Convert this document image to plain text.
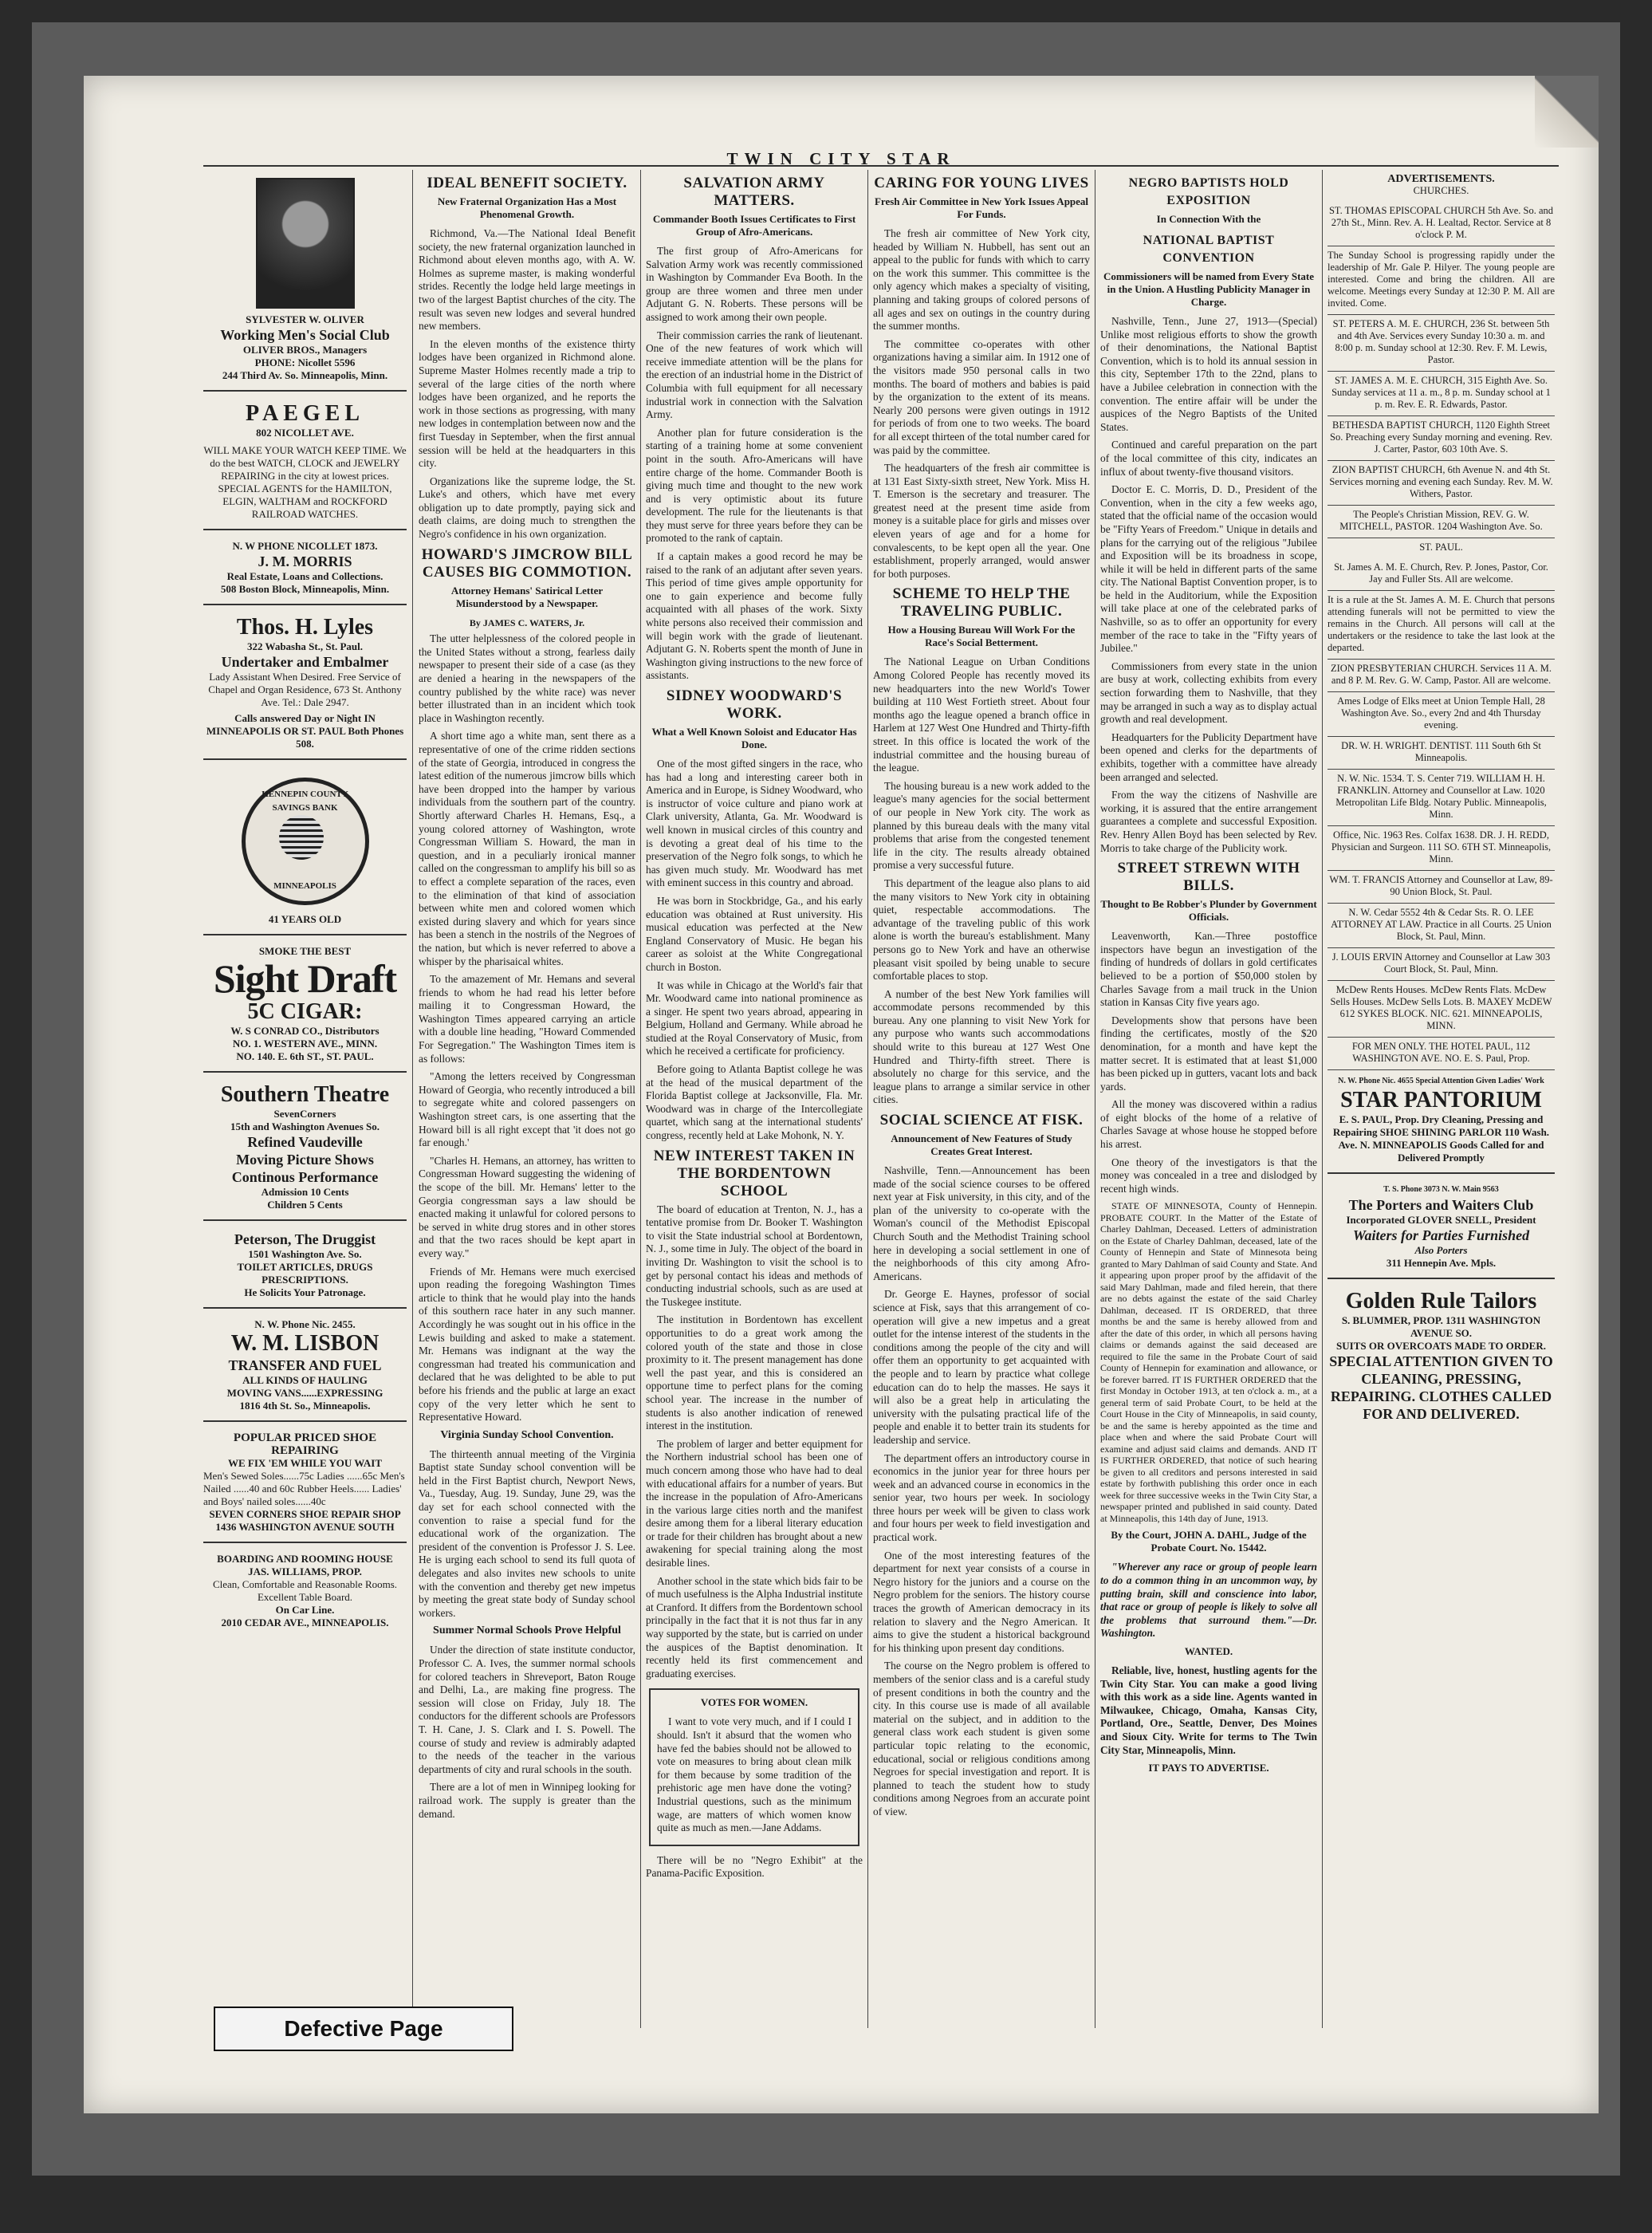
TWIN CITY STAR
SYLVESTER W. OLIVER
Working Men's Social Club
OLIVER BROS., Managers
PHONE: Nicollet 5596
244 Third Av. So. Minneapolis, Minn.
PAEGEL
802 NICOLLET AVE.
WILL MAKE YOUR WATCH KEEP TIME. We do the best WATCH, CLOCK and JEWELRY REPAIRING in the city at lowest prices. SPECIAL AGENTS for the HAMILTON, ELGIN, WALTHAM and ROCKFORD RAILROAD WATCHES.
N. W PHONE NICOLLET 1873.
J. M. MORRIS
Real Estate, Loans and Collections.
508 Boston Block, Minneapolis, Minn.
Thos. H. Lyles
322 Wabasha St., St. Paul.
Undertaker and Embalmer
Lady Assistant When Desired. Free Service of Chapel and Organ Residence, 673 St. Anthony Ave. Tel.: Dale 2947.
Calls answered Day or Night IN MINNEAPOLIS OR ST. PAUL Both Phones 508.
HENNEPIN COUNTY SAVINGS BANK
MINNEAPOLIS
41 YEARS OLD
SMOKE THE BEST
Sight Draft
5C CIGAR:
W. S CONRAD CO., Distributors
NO. 1. WESTERN AVE., MINN.
NO. 140. E. 6th ST., ST. PAUL.
Southern Theatre
SevenCorners
15th and Washington Avenues So.
Refined Vaudeville
Moving Picture Shows
Continous Performance
Admission 10 Cents
Children 5 Cents
Peterson, The Druggist
1501 Washington Ave. So.
TOILET ARTICLES, DRUGS PRESCRIPTIONS.
He Solicits Your Patronage.
N. W. Phone Nic. 2455.
W. M. LISBON
TRANSFER AND FUEL
ALL KINDS OF HAULING
MOVING VANS......EXPRESSING
1816 4th St. So., Minneapolis.
POPULAR PRICED SHOE REPAIRING
WE FIX 'EM WHILE YOU WAIT
Men's Sewed Soles......75c Ladies ......65c Men's Nailed ......40 and 60c Rubber Heels...... Ladies' and Boys' nailed soles......40c
SEVEN CORNERS SHOE REPAIR SHOP
1436 WASHINGTON AVENUE SOUTH
BOARDING AND ROOMING HOUSE
JAS. WILLIAMS, PROP.
Clean, Comfortable and Reasonable Rooms. Excellent Table Board.
On Car Line.
2010 CEDAR AVE., MINNEAPOLIS.
IDEAL BENEFIT SOCIETY.
New Fraternal Organization Has a Most Phenomenal Growth.

Richmond, Va.—The National Ideal Benefit society, the new fraternal organization launched in Richmond about eleven months ago, with A. W. Holmes as supreme master, is making wonderful strides. Recently the lodge held large meetings in two of the largest Baptist churches of the city. The result was seven new lodges and several hundred new members.

In the eleven months of the existence thirty lodges have been organized in Richmond alone. Supreme Master Holmes recently made a trip to several of the large cities of the north where lodges have been organized, and he reports the work in those sections as progressing, with many new lodges in contemplation between now and the first Tuesday in September, when the first annual session will be held at the headquarters in this city.

Organizations like the supreme lodge, the St. Luke's and others, which have met every obligation up to date promptly, paying sick and death claims, are doing much to strengthen the Negro's confidence in his own organization.

HOWARD'S JIMCROW BILL CAUSES BIG COMMOTION.
Attorney Hemans' Satirical Letter Misunderstood by a Newspaper.
By JAMES C. WATERS, Jr.

The utter helplessness of the colored people in the United States without a strong, fearless daily newspaper to present their side of a case (as they are denied a hearing in the newspapers of the country published by the white race) was never better illustrated than in an incident which took place in Washington recently.

A short time ago a white man, sent there as a representative of one of the crime ridden sections of the state of Georgia, introduced in congress the latest edition of the numerous jimcrow bills which have been dropped into the hamper by various individuals from the southern part of the country. Shortly afterward Charles H. Hemans, Esq., a young colored attorney of Washington, wrote Congressman William S. Howard, the man in question, and in a peculiarly ironical manner called on the congressman to amplify his bill so as to effect a complete separation of the races, even to the elimination of that kind of association between white men and colored women which existed during slavery and which for years since has been a stench in the nostrils of the Negroes of the nation, but which is never referred to above a whisper by the pharisaical whites.

To the amazement of Mr. Hemans and several friends to whom he had read his letter before mailing it to Congressman Howard, the Washington Times appeared carrying an article with a double line heading, "Howard Commended For Segregation." The Washington Times item is as follows:

"Among the letters received by Congressman Howard of Georgia, who recently introduced a bill to segregate white and colored passengers on Washington street cars, is one asserting that the Howard bill is all right except that 'it does not go far enough.'

"Charles H. Hemans, an attorney, has written to Congressman Howard suggesting the widening of the scope of the bill. Mr. Hemans' letter to the Georgia congressman says a law should be enacted making it unlawful for colored persons to be served in white drug stores and in other stores and that the two races should be kept apart in every way."

Friends of Mr. Hemans were much exercised upon reading the foregoing Washington Times article to think that he would play into the hands of this southern race hater in any such manner. Accordingly he was sought out in his office in the Lewis building and asked to make a statement. Mr. Hemans was indignant at the way the congressman had treated his communication and declared that he was delighted to be able to put before his friends and the public at large an exact copy of the very letter which he sent to Representative Howard.

Virginia Sunday School Convention.

The thirteenth annual meeting of the Virginia Baptist state Sunday school convention will be held in the First Baptist church, Newport News, Va., Tuesday, Aug. 19. Sunday, June 29, was the day set for each school connected with the convention to raise a special fund for the educational work of the organization. The president of the convention is Professor J. S. Lee. He is urging each school to send its full quota of delegates and also invites new schools to unite with the convention and thereby get new impetus by meeting the great state body of Sunday school workers.

Summer Normal Schools Prove Helpful

Under the direction of state institute conductor, Professor C. A. Ives, the summer normal schools for colored teachers in Shreveport, Baton Rouge and Delhi, La., are making fine progress. The session will close on Friday, July 18. The conductors for the different schools are Professors T. H. Cane, J. S. Clark and I. S. Powell. The course of study and review is admirably adapted to the needs of the teacher in the various departments of city and rural schools in the south.

There are a lot of men in Winnipeg looking for railroad work. The supply is greater than the demand.

SALVATION ARMY MATTERS.
Commander Booth Issues Certificates to First Group of Afro-Americans.

The first group of Afro-Americans for Salvation Army work was recently commissioned in Washington by Commander Eva Booth. In the group are three women and three men under Adjutant G. N. Roberts. These persons will be assigned to work among their own people.

Their commission carries the rank of lieutenant. One of the new features of work which will receive immediate attention will be the plans for the erection of an industrial home in the District of Columbia with full equipment for all necessary industrial work in connection with the Salvation Army.

Another plan for future consideration is the starting of a training home at some convenient point in the south. Afro-Americans will have entire charge of the home. Commander Booth is giving much time and thought to the new work and is very optimistic about its future development. The rule for the lieutenants is that they must serve for three years before they can be promoted to the rank of captain.

If a captain makes a good record he may be raised to the rank of an adjutant after seven years. This period of time gives ample opportunity for one to gain experience and become fully acquainted with all phases of the work. Sixty white persons also received their commission and will begin work with the grade of lieutenant. Adjutant G. N. Roberts spent the month of June in Washington giving instructions to the new force of assistants.

SIDNEY WOODWARD'S WORK.
What a Well Known Soloist and Educator Has Done.

One of the most gifted singers in the race, who has had a long and interesting career both in America and in Europe, is Sidney Woodward, who is instructor of voice culture and piano work at Clark university, Atlanta, Ga. Mr. Woodward is well known in musical circles of this country and is devoting a great deal of his time to the preservation of the Negro folk songs, to which he has given much study. Mr. Woodward has met with eminent success in this country and abroad.

He was born in Stockbridge, Ga., and his early education was obtained at Rust university. His musical education was perfected at the New England Conservatory of Music. He began his career as soloist at the White Congregational church in Boston.

It was while in Chicago at the World's fair that Mr. Woodward came into national prominence as a singer. He spent two years abroad, appearing in Belgium, Holland and Germany. While abroad he studied at the Royal Conservatory of Music, from which he received a certificate for proficiency.

Before going to Atlanta Baptist college he was at the head of the musical department of the Florida Baptist college at Jacksonville, Fla. Mr. Woodward was in charge of the Intercollegiate quartet, which sang at the international students' congress, recently held at Lake Mohonk, N. Y.

NEW INTEREST TAKEN IN THE BORDENTOWN SCHOOL

The board of education at Trenton, N. J., has a tentative promise from Dr. Booker T. Washington to visit the State industrial school at Bordentown, N. J., some time in July. The object of the board in inviting Dr. Washington to visit the school is to get by personal contact his ideas and methods of conducting industrial schools, such as are used at the Tuskegee institute.

The institution in Bordentown has excellent opportunities to do a great work among the colored youth of the state and those in close proximity to it. The present management has done well the past year, and this is considered an opportune time to perfect plans for the coming school year. The increase in the number of students is also another indication of renewed interest in the institution.

The problem of larger and better equipment for the Northern industrial school has been one of much concern among those who have had to deal with educational affairs for a number of years. But the increase in the population of Afro-Americans in the various large cities north and the manifest desire among them for a liberal literary education or trade for their children has brought about a new awakening for special training along the most desirable lines.

Another school in the state which bids fair to be of much usefulness is the Alpha Industrial institute at Cranford. It differs from the Bordentown school principally in the fact that it is not thus far in any way supported by the state, but is carried on under the auspices of the Baptist denomination. It recently held its first commencement and graduating exercises.

VOTES FOR WOMEN.

I want to vote very much, and if I could I should. Isn't it absurd that the women who have fed the babies should not be allowed to vote on measures to bring about clean milk for them because by some tradition of the prehistoric age men have done the voting? Industrial questions, such as the minimum wage, are matters of which women know quite as much as men.—Jane Addams.

There will be no "Negro Exhibit" at the Panama-Pacific Exposition.

CARING FOR YOUNG LIVES
Fresh Air Committee in New York Issues Appeal For Funds.

The fresh air committee of New York city, headed by William N. Hubbell, has sent out an appeal to the public for funds with which to carry on the work this summer. This committee is the only agency which makes a specialty of visiting, planning and taking groups of colored persons of all ages and sex on outings in the country during the summer months.

The committee co-operates with other organizations having a similar aim. In 1912 one of the visitors made 950 personal calls in two months. The board of mothers and babies is paid by the organization to the extent of its means. Nearly 200 persons were given outings in 1912 for periods of from one to two weeks. The board for all except thirteen of the total number cared for was paid by the committee.

The headquarters of the fresh air committee is at 131 East Sixty-sixth street, New York. Miss H. T. Emerson is the secretary and treasurer. The greatest need at the present time aside from money is a suitable place for girls and misses over eleven years of age and for a home for convalescents, to be kept open all the year. One establishment, properly arranged, would answer for both purposes.

SCHEME TO HELP THE TRAVELING PUBLIC.
How a Housing Bureau Will Work For the Race's Social Betterment.

The National League on Urban Conditions Among Colored People has recently moved its new headquarters into the new World's Tower building at 110 West Fortieth street. About four months ago the league opened a branch office in Harlem at 127 West One Hundred and Thirty-fifth street. In this office is located the work of the industrial committee and the housing bureau of the league.

The housing bureau is a new work added to the league's many agencies for the social betterment of our people in New York city. The work as planned by this bureau deals with the many vital problems that arise from the congested tenement life in the city. The results already obtained promise a very successful future.

This department of the league also plans to aid the many visitors to New York city in obtaining quiet, respectable accommodations. The advantage of the traveling public of this work alone is worth the bureau's establishment. Many persons go to New York and have an otherwise pleasant visit spoiled by being unable to secure comfortable places to stop.

A number of the best New York families will accommodate persons recommended by this bureau. Any one planning to visit New York for any purpose who wants such accommodations should write to this bureau at 127 West One Hundred and Thirty-fifth street. There is absolutely no charge for this service, and the league plans to arrange a similar service in other cities.

SOCIAL SCIENCE AT FISK.
Announcement of New Features of Study Creates Great Interest.

Nashville, Tenn.—Announcement has been made of the social science courses to be offered next year at Fisk university, in this city, and of the plan of the university to co-operate with the Woman's council of the Methodist Episcopal Church South and the Methodist Training school here in developing a social settlement in one of the neighborhoods of this city among Afro-Americans.

Dr. George E. Haynes, professor of social science at Fisk, says that this arrangement of co-operation will give a new impetus and a great outlet for the intense interest of the students in the conditions among the people of the city and will offer them an opportunity to get acquainted with the people and to learn by practice what college education can do to help the masses. He says it will also be a great help in articulating the university with the pulsating practical life of the people and enable it to better train its students for leadership and service.

The department offers an introductory course in economics in the junior year for three hours per week and an advanced course in economics in the senior year, two hours per week. In sociology three hours per week will be given to class work and four hours per week to field investigation and practical work.

One of the most interesting features of the department for next year consists of a course in Negro history for the juniors and a course on the Negro problem for the seniors. The history course traces the growth of American democracy in its relation to slavery and the Negro American. It aims to give the student a historical background for his thinking upon present day conditions.

The course on the Negro problem is offered to members of the senior class and is a careful study of present conditions in both the country and the city. In this course use is made of all available material on the subject, and in addition to the general class work each student is given some particular topic relating to the economic, educational, social or religious conditions among Negroes for special investigation and report. It is planned to teach the student how to study conditions among Negroes from an accurate point of view.

NEGRO BAPTISTS HOLD EXPOSITION
In Connection With the
NATIONAL BAPTIST CONVENTION
Commissioners will be named from Every State in the Union. A Hustling Publicity Manager in Charge.

Nashville, Tenn., June 27, 1913—(Special) Unlike most religious efforts to show the growth of their denominations, the National Baptist Convention, which is to hold its annual session in this city, September 17th to the 22nd, plans to have a Jubilee celebration in connection with the convention. The entire affair will be under the auspices of the Negro Baptists of the United States.

Continued and careful preparation on the part of the local committee of this city, indicates an influx of about twenty-five thousand visitors.

Doctor E. C. Morris, D. D., President of the Convention, when in the city a few weeks ago, stated that the official name of the occasion would be "Fifty Years of Freedom." Unique in details and plans for the carrying out of the religious "Jubilee and Exposition will be its broadness in scope, while it will be held in different parts of the same city. The National Baptist Convention proper, is to be held in the Auditorium, while the Exposition will take place at one of the celebrated parks of Nashville, so as to offer an opportunity for every member of the race to take in the "Fifty years of Jubilee."

Commissioners from every state in the union are busy at work, collecting exhibits from every section forwarding them to Nashville, that they may be arranged in such a way as to display actual growth and real development.

Headquarters for the Publicity Department have been opened and clerks for the departments of exhibits, together with a committee have already been arranged and selected.

From the way the citizens of Nashville are working, it is assured that the entire arrangement guarantees a complete and successful Exposition. Rev. Henry Allen Boyd has been selected by Rev. Morris to take charge of the Publicity work.

STREET STREWN WITH BILLS.
Thought to Be Robber's Plunder by Government Officials.

Leavenworth, Kan.—Three postoffice inspectors have begun an investigation of the finding of hundreds of dollars in gold certificates believed to be a portion of $50,000 stolen by Charles Savage from a mail truck in the Union station in Kansas City five years ago.

Developments show that persons have been finding the certificates, mostly of the $20 denomination, for a month and have kept the matter secret. It is estimated that at least $1,000 has been picked up in gutters, vacant lots and back yards.

All the money was discovered within a radius of eight blocks of the home of a relative of Charles Savage at whose house he stopped before his arrest.

One theory of the investigators is that the money was concealed in a tree and dislodged by recent high winds.

STATE OF MINNESOTA, County of Hennepin. PROBATE COURT. In the Matter of the Estate of Charley Dahlman, Deceased. Letters of administration on the Estate of Charley Dahlman, deceased, late of the County of Hennepin and State of Minnesota being granted to Mary Dahlman of said County and State. And it appearing upon proper proof by the affidavit of the said Mary Dahlman, made and filed herein, that there are no debts against the estate of the said Charley Dahlman, deceased. IT IS ORDERED, that three months be and the same is hereby allowed from and after the date of this order, in which all persons having claims or demands against the said deceased are required to file the same in the Probate Court of said County of Hennepin for examination and allowance, or be forever barred. IT IS FURTHER ORDERED that the first Monday in October 1913, at ten o'clock a. m., at a general term of said Probate Court, to be held at the Court House in the City of Minneapolis, in said county, be and the same is hereby appointed as the time and place when and where the said Probate Court will examine and adjust said claims and demands. AND IT IS FURTHER ORDERED, that notice of such hearing be given to all creditors and persons interested in said estate by forthwith publishing this order once in each week for three successive weeks in the Twin City Star, a newspaper printed and published in said county. Dated at Minneapolis, this 14th day of June, 1913.

By the Court, JOHN A. DAHL, Judge of the Probate Court. No. 15442.

"Wherever any race or group of people learn to do a common thing in an uncommon way, by putting brain, skill and conscience into labor, that race or group of people is likely to solve all the problems that surround them."—Dr. Washington.

WANTED.

Reliable, live, honest, hustling agents for the Twin City Star. You can make a good living with this work as a side line. Agents wanted in Milwaukee, Chicago, Omaha, Kansas City, Portland, Ore., Seattle, Denver, Des Moines and Sioux City. Write for terms to The Twin City Star, Minneapolis, Minn.

IT PAYS TO ADVERTISE.
ADVERTISEMENTS.
CHURCHES.
ST. THOMAS EPISCOPAL CHURCH 5th Ave. So. and 27th St., Minn. Rev. A. H. Lealtad, Rector. Service at 8 o'clock P. M.
The Sunday School is progressing rapidly under the leadership of Mr. Gale P. Hilyer. The young people are interested. Come and bring the children. All are welcome. Meetings every Sunday at 12:30 P. M. All are invited. Come.
ST. PETERS A. M. E. CHURCH, 236 St. between 5th and 4th Ave. Services every Sunday 10:30 a. m. and 8:00 p. m. Sunday school at 12:30. Rev. F. M. Lewis, Pastor.
ST. JAMES A. M. E. CHURCH, 315 Eighth Ave. So. Sunday services at 11 a. m., 8 p. m. Sunday school at 1 p. m. Rev. E. R. Edwards, Pastor.
BETHESDA BAPTIST CHURCH, 1120 Eighth Street So. Preaching every Sunday morning and evening. Rev. J. Carter, Pastor, 603 10th Ave. S.
ZION BAPTIST CHURCH, 6th Avenue N. and 4th St. Services morning and evening each Sunday. Rev. M. W. Withers, Pastor.
The People's Christian Mission, REV. G. W. MITCHELL, PASTOR. 1204 Washington Ave. So.
ST. PAUL.
St. James A. M. E. Church, Rev. P. Jones, Pastor, Cor. Jay and Fuller Sts. All are welcome.
It is a rule at the St. James A. M. E. Church that persons attending funerals will not be permitted to view the remains in the Church. All persons will call at the undertakers or the residence to take the last look at the departed.
ZION PRESBYTERIAN CHURCH. Services 11 A. M. and 8 P. M. Rev. G. W. Camp, Pastor. All are welcome.
Ames Lodge of Elks meet at Union Temple Hall, 28 Washington Ave. So., every 2nd and 4th Thursday evening.
DR. W. H. WRIGHT. DENTIST. 111 South 6th St Minneapolis.
N. W. Nic. 1534. T. S. Center 719. WILLIAM H. H. FRANKLIN. Attorney and Counsellor at Law. 1020 Metropolitan Life Bldg. Notary Public. Minneapolis, Minn.
Office, Nic. 1963 Res. Colfax 1638. DR. J. H. REDD, Physician and Surgeon. 111 SO. 6TH ST. Minneapolis, Minn.
WM. T. FRANCIS Attorney and Counsellor at Law, 89-90 Union Block, St. Paul.
N. W. Cedar 5552 4th & Cedar Sts. R. O. LEE ATTORNEY AT LAW. Practice in all Courts. 25 Union Block, St. Paul, Minn.
J. LOUIS ERVIN Attorney and Counsellor at Law 303 Court Block, St. Paul, Minn.
McDew Rents Houses. McDew Rents Flats. McDew Sells Houses. McDew Sells Lots. B. MAXEY McDEW 612 SYKES BLOCK. NIC. 621. MINNEAPOLIS, MINN.
FOR MEN ONLY. THE HOTEL PAUL, 112 WASHINGTON AVE. NO. E. S. Paul, Prop.
N. W. Phone Nic. 4655 Special Attention Given Ladies' Work
STAR PANTORIUM
E. S. PAUL, Prop. Dry Cleaning, Pressing and Repairing SHOE SHINING PARLOR 110 Wash. Ave. N. MINNEAPOLIS Goods Called for and Delivered Promptly
T. S. Phone 3073 N. W. Main 9563
The Porters and Waiters Club
Incorporated GLOVER SNELL, President
Waiters for Parties Furnished
Also Porters
311 Hennepin Ave. Mpls.
Golden Rule Tailors
S. BLUMMER, PROP. 1311 WASHINGTON AVENUE SO.
SUITS OR OVERCOATS MADE TO ORDER.
SPECIAL ATTENTION GIVEN TO CLEANING, PRESSING, REPAIRING. CLOTHES CALLED FOR AND DELIVERED.
Defective Page
